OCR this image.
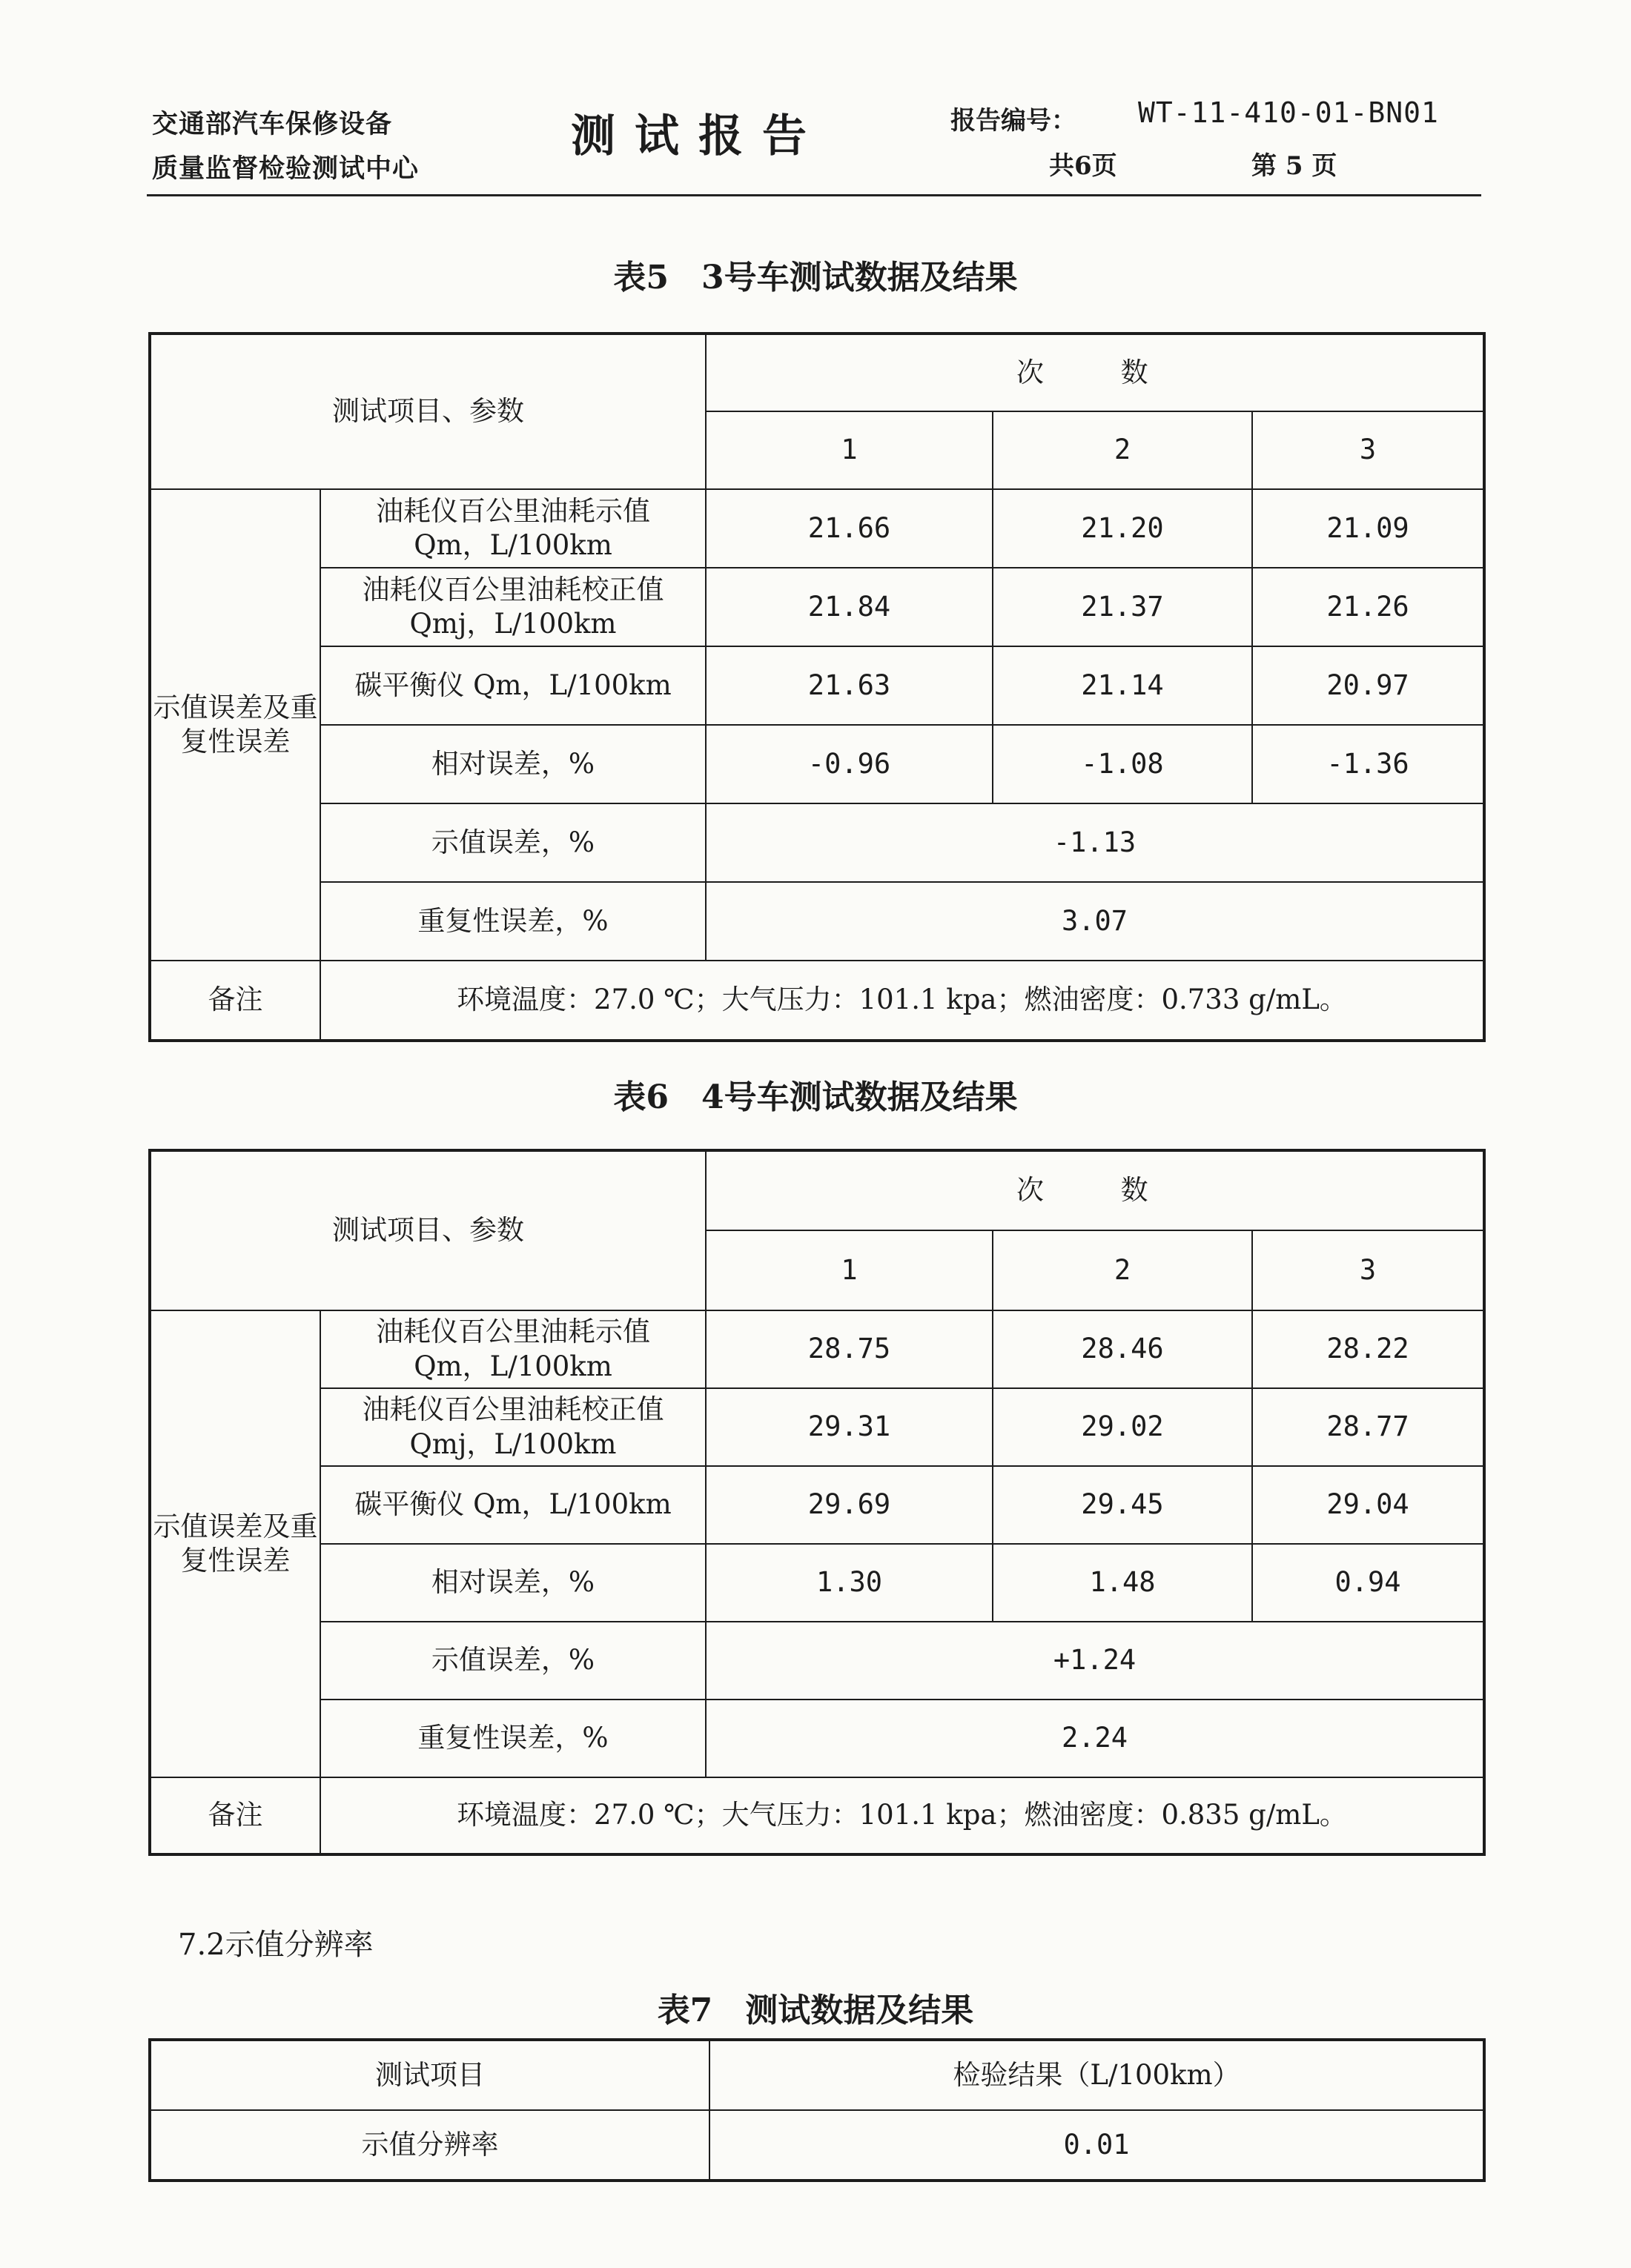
交通部汽车保修设备
质量监督检验测试中心
测试报告	报告编号： WT-11-410-01-BN01
共6页	第 5 页
表5　3号车测试数据及结果
测试项目、参数		次　数		
		1	2	3
示值误差及重复性误差	油耗仪百公里油耗示值
Qm，L/100km	21.66	21.20	21.09

	油耗仪百公里油耗校正值
Qmj，L/100km	21.84	21.37	21.26
	碳平衡仪 Qm，L/100km	21.63	21.14	20.97
	相对误差，%	-0.96	-1.08	-1.36
	示值误差，%	-1.13		
	重复性误差，%	3.07		
备注	环境温度：27.0 ℃；大气压力：101.1 kpa；燃油密度：0.733 g/mL。			
表6　4号车测试数据及结果
测试项目、参数		次　数		
		1	2	3
示值误差及重复性误差	油耗仪百公里油耗示值
Qm，L/100km	28.75	28.46	28.22

	油耗仪百公里油耗校正值
Qmj，L/100km	29.31	29.02	28.77
	碳平衡仪 Qm，L/100km	29.69	29.45	29.04
	相对误差，%	1.30	1.48	0.94
	示值误差，%	+1.24		
	重复性误差，%	2.24		
备注	环境温度：27.0 ℃；大气压力：101.1 kpa；燃油密度：0.835 g/mL。			
7.2示值分辨率
表7　测试数据及结果
测试项目	检验结果（L/100km）
示值分辨率	0.01
